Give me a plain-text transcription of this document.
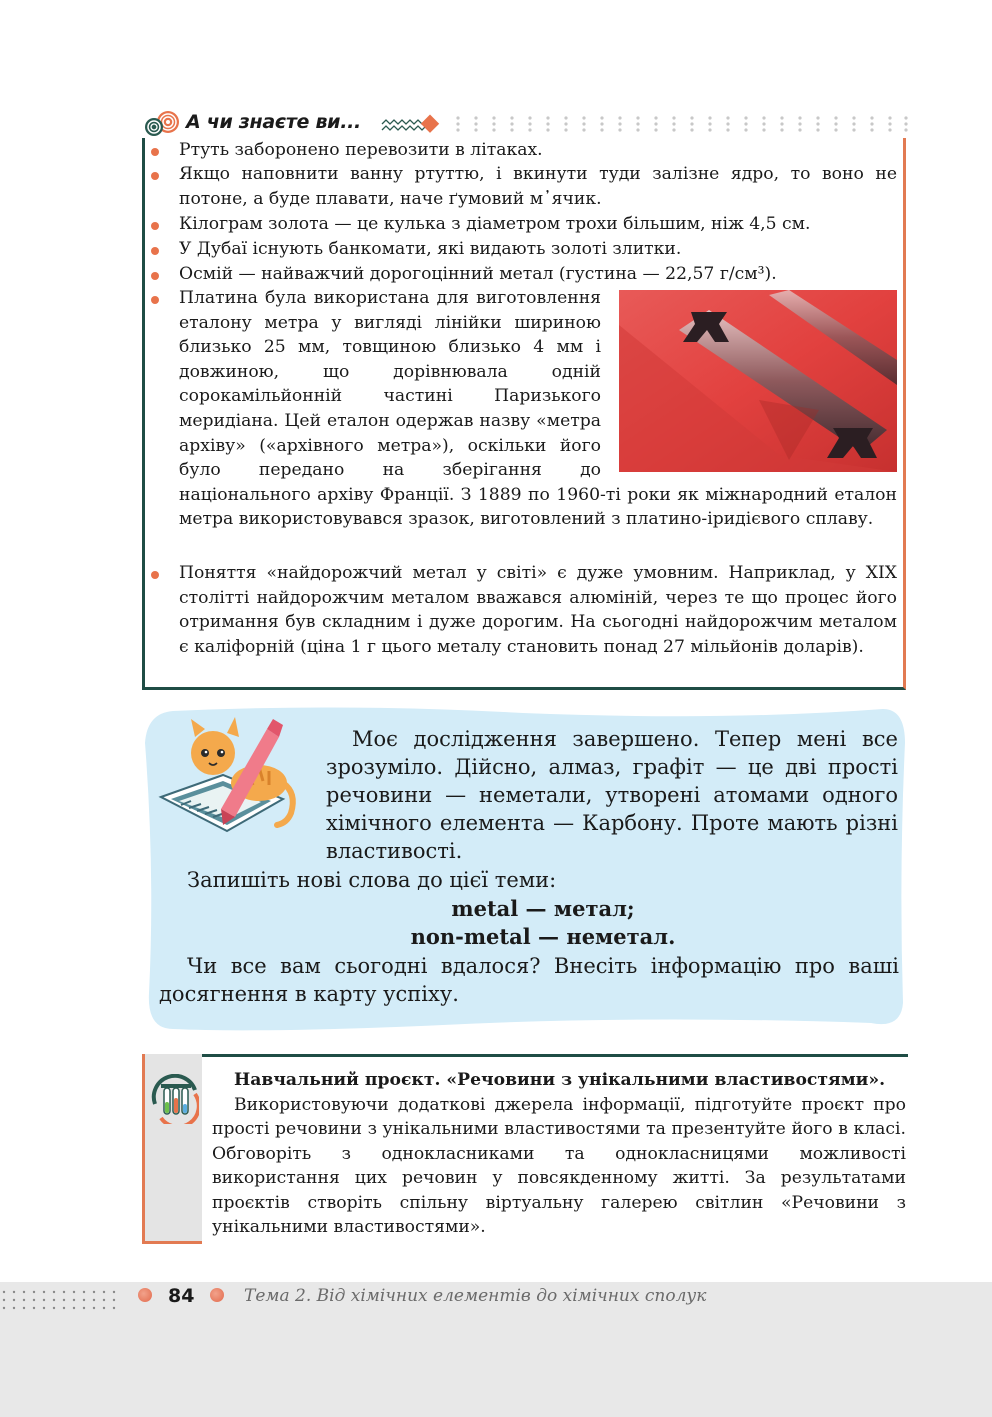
А чи знаєте ви...
Ртуть заборонено перевозити в літаках.
Якщо наповнити ванну ртуттю, і вкинути туди залізне ядро, то воно не потоне, а буде плавати, наче ґумовий м᾿ячик.
Кілограм золота — це кулька з діаметром трохи більшим, ніж 4,5 см.
У Дубаї існують банкомати, які видають золоті злитки.
Осмій — найважчий дорогоцінний метал (густина — 22,57 г/см³).
Платина була використана для виготовлення еталону метра у вигляді лінійки шириною близько 25 мм, товщиною близько 4 мм і довжиною, що дорівнювала одній сорокамільйонній частині Паризького меридіана. Цей еталон одержав назву «метра архіву» («архівного метра»), оскільки його було передано на зберігання до національного архіву Франції. З 1889 по 1960-ті роки як міжнародний еталон метра використовувався зразок, виготовлений з платино-іридієвого сплаву.
Поняття «найдорожчий метал у світі» є дуже умовним. Наприклад, у XIX столітті найдорожчим металом вважався алюміній, через те що процес його отримання був складним і дуже дорогим. На сьогодні найдорожчим металом є каліфорній (ціна 1 г цього металу становить понад 27 мільйонів доларів).
Моє дослідження завершено. Тепер мені все зрозуміло. Дійсно, алмаз, графіт — це дві прості речовини — неметали, утворені атомами одного хімічного елемента — Карбону. Проте мають різні властивості.
Запишіть нові слова до цієї теми:
metal — метал;
non-metal — неметал.
Чи все вам сьогодні вдалося? Внесіть інформацію про ваші досягнення в карту успіху.
Навчальний проєкт. «Речовини з унікальними властивостями».
Використовуючи додаткові джерела інформації, підготуйте проєкт про прості речовини з унікальними властивостями та презентуйте його в класі. Обговоріть з однокласниками та однокласницями можливості використання цих речовин у повсякденному житті. За результатами проєктів створіть спільну віртуальну галерею світлин «Речовини з унікальними властивостями».
84	Тема 2. Від хімічних елементів до хімічних сполук
